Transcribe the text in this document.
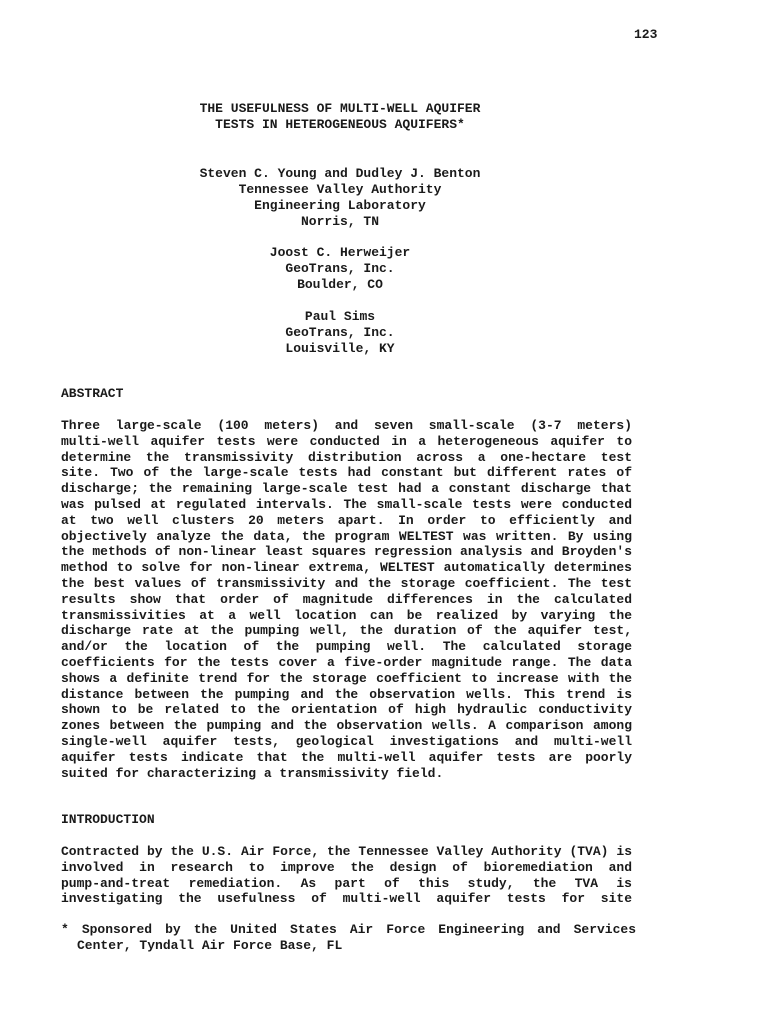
123
THE USEFULNESS OF MULTI-WELL AQUIFER
TESTS IN HETEROGENEOUS AQUIFERS*
Steven C. Young and Dudley J. Benton
Tennessee Valley Authority
Engineering Laboratory
Norris, TN
Joost C. Herweijer
GeoTrans, Inc.
Boulder, CO
Paul Sims
GeoTrans, Inc.
Louisville, KY
ABSTRACT
Three large-scale (100 meters) and seven small-scale (3-7 meters)
multi-well aquifer tests were conducted in a heterogeneous aquifer to
determine the transmissivity distribution across a one-hectare test
site. Two of the large-scale tests had constant but different rates of
discharge; the remaining large-scale test had a constant discharge that
was pulsed at regulated intervals. The small-scale tests were conducted
at two well clusters 20 meters apart. In order to efficiently and
objectively analyze the data, the program WELTEST was written. By using
the methods of non-linear least squares regression analysis and Broyden's
method to solve for non-linear extrema, WELTEST automatically determines
the best values of transmissivity and the storage coefficient. The test
results show that order of magnitude differences in the calculated
transmissivities at a well location can be realized by varying the
discharge rate at the pumping well, the duration of the aquifer test,
and/or the location of the pumping well. The calculated storage
coefficients for the tests cover a five-order magnitude range. The data
shows a definite trend for the storage coefficient to increase with the
distance between the pumping and the observation wells. This trend is
shown to be related to the orientation of high hydraulic conductivity
zones between the pumping and the observation wells. A comparison among
single-well aquifer tests, geological investigations and multi-well
aquifer tests indicate that the multi-well aquifer tests are poorly
suited for characterizing a transmissivity field.
INTRODUCTION
Contracted by the U.S. Air Force, the Tennessee Valley Authority (TVA) is
involved in research to improve the design of bioremediation and
pump-and-treat remediation. As part of this study, the TVA is
investigating the usefulness of multi-well aquifer tests for site
* Sponsored by the United States Air Force Engineering and Services
Center, Tyndall Air Force Base, FL
